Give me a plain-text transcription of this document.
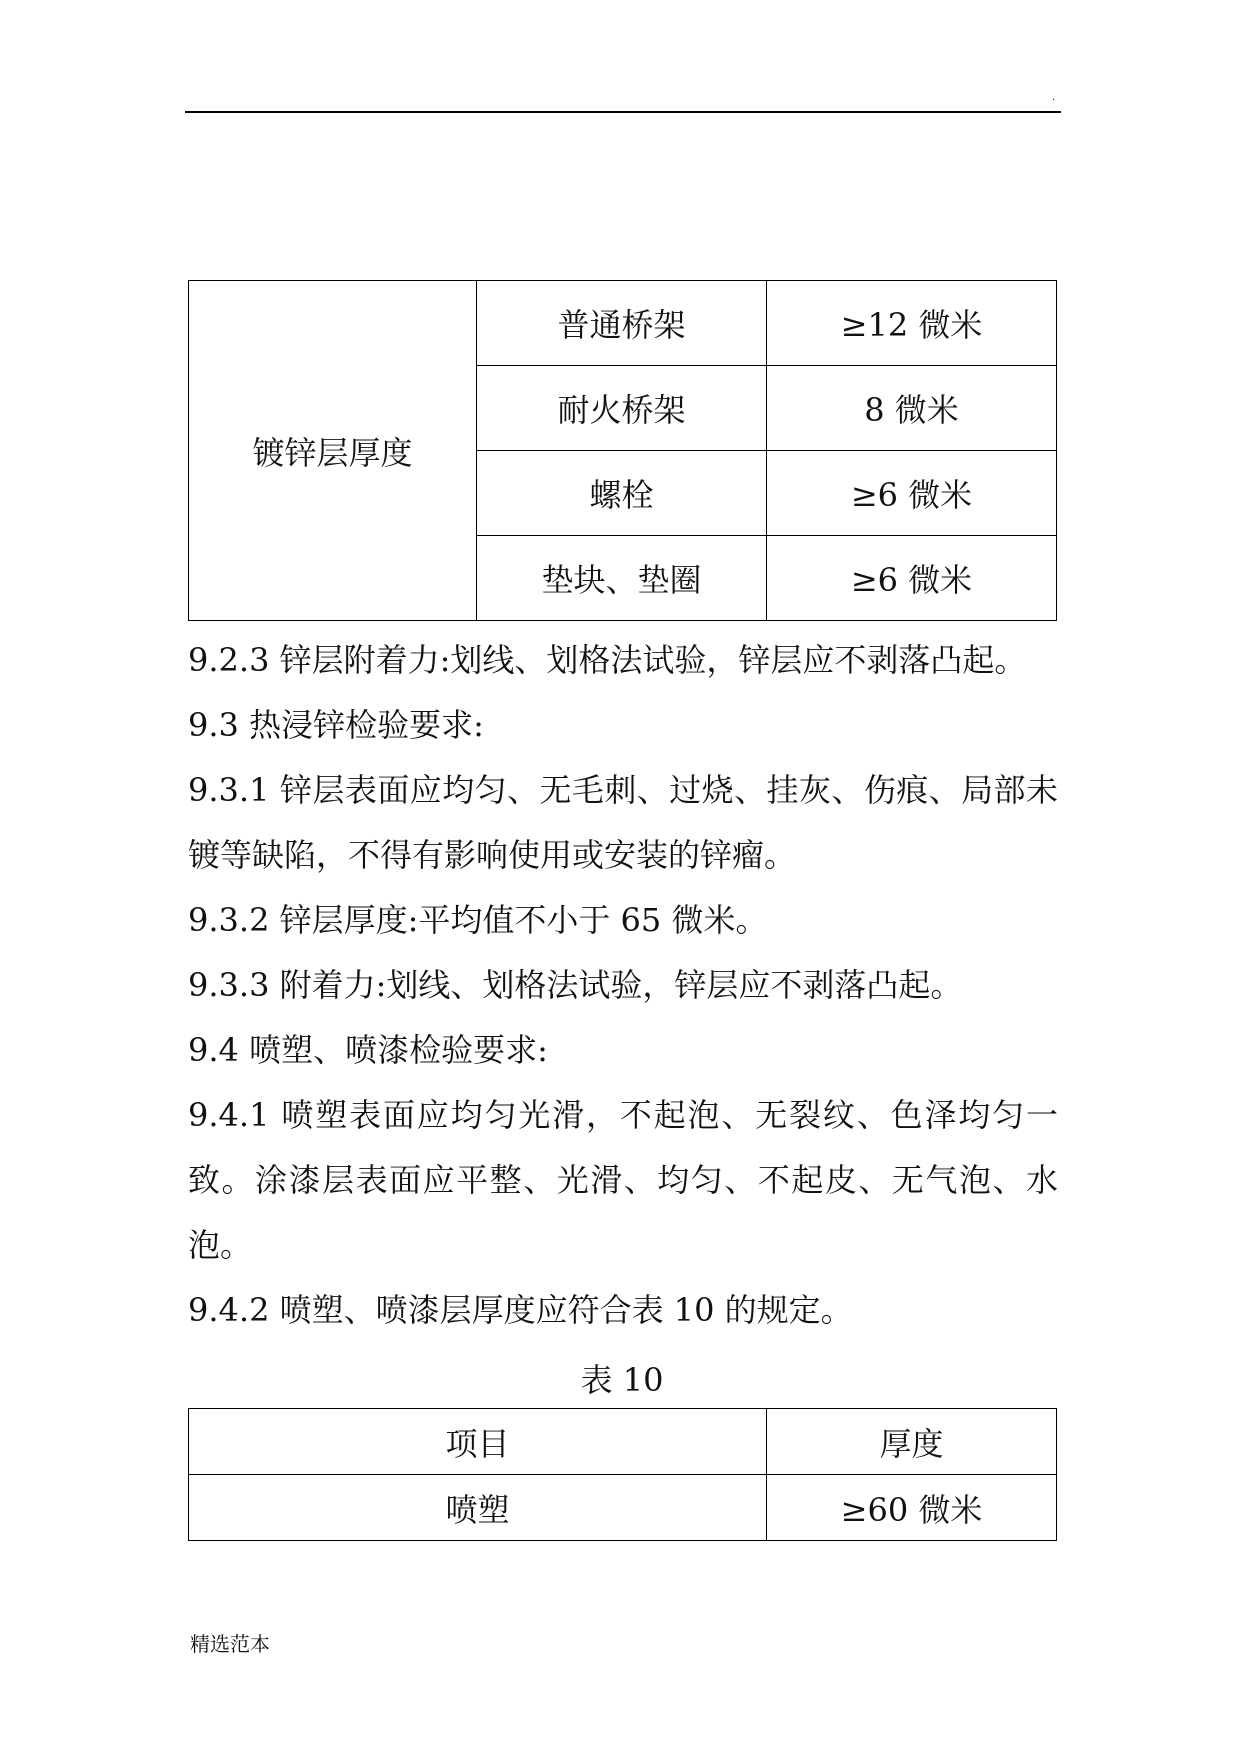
.
镀锌层厚度	普通桥架	≥12 微米
	耐火桥架	8 微米
	螺栓	≥6 微米
	垫块、垫圈	≥6 微米
9.2.3 锌层附着力:划线、划格法试验，锌层应不剥落凸起。
9.3 热浸锌检验要求:
9.3.1 锌层表面应均匀、无毛刺、过烧、挂灰、伤痕、局部未镀等缺陷，不得有影响使用或安装的锌瘤。
9.3.2 锌层厚度:平均值不小于 65 微米。
9.3.3 附着力:划线、划格法试验，锌层应不剥落凸起。
9.4 喷塑、喷漆检验要求:
9.4.1 喷塑表面应均匀光滑，不起泡、无裂纹、色泽均匀一致。涂漆层表面应平整、光滑、均匀、不起皮、无气泡、水泡。
9.4.2 喷塑、喷漆层厚度应符合表 10 的规定。
表 10
项目	厚度
喷塑	≥60 微米
精选范本
